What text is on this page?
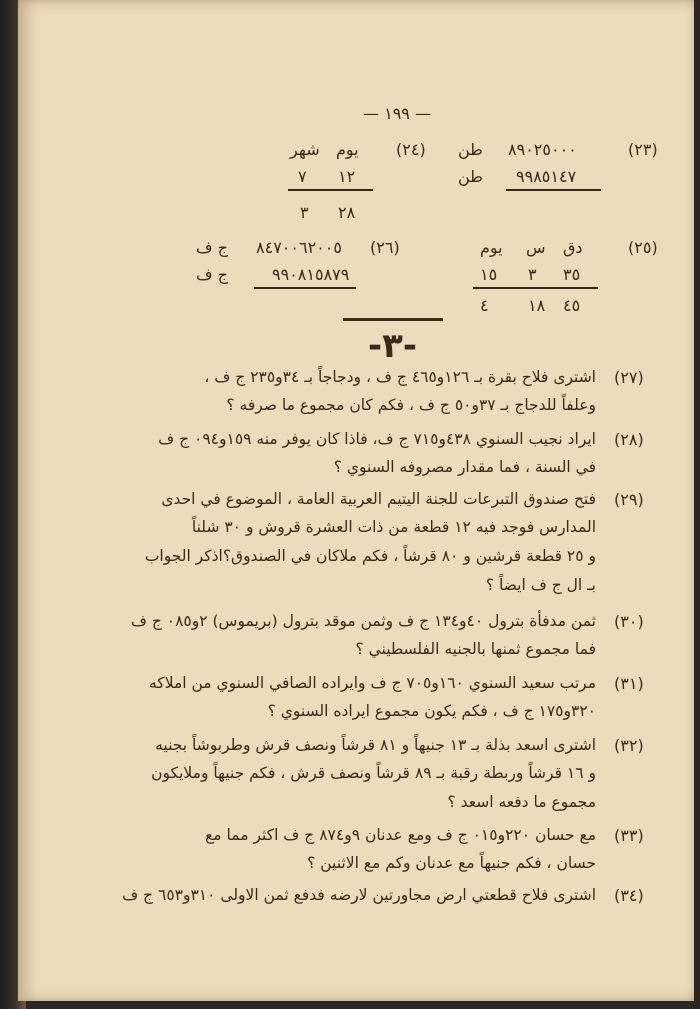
— ١٩٩ —
(٢٣)
٨٩٠٢٥٠٠٠
طن
٩٩٨٥١٤٧
طن
(٢٤)
يوم
شهر
١٢
٧
٢٨
٣
(٢٥)
دق
س
يوم
٣٥
٣
١٥
٤٥
١٨
٤
(٢٦)
٨٤٧٠٠٦٢٠٠٥
ج ف
٩٩٠٨١٥٨٧٩
ج ف
-٣-
(٢٧)
اشترى فلاح بقرة بـ ١٢٦و٤٦٥ ج ف ، ودجاجاً بـ ٣٤و٢٣٥ ج ف ،
وعلفاً للدجاج بـ ٣٧و٥٠ ج ف ، فكم كان مجموع ما صرفه ؟
(٢٨)
ايراد نجيب السنوي ٤٣٨و٧١٥ ج ف، فاذا كان يوفر منه ١٥٩و٠٩٤ ج ف
في السنة ، فما مقدار مصروفه السنوي ؟
(٢٩)
فتح صندوق التبرعات للجنة اليتيم العربية العامة ، الموضوع في احدى
المدارس فوجد فيه ١٢ قطعة من ذات العشرة قروش و ٣٠ شلناً
و ٢٥ قطعة قرشين و ٨٠ قرشاً ، فكم ملاكان في الصندوق؟اذكر الجواب
بـ ال ج ف ايضاً ؟
(٣٠)
ثمن مدفأة بترول ٤٠و١٣٤ ج ف وثمن موقد بترول (بريموس) ٢و٠٨٥ ج ف
فما مجموع ثمنها بالجنيه الفلسطيني ؟
(٣١)
مرتب سعيد السنوي ١٦٠و٧٠٥ ج ف وايراده الصافي السنوي من املاكه
٣٢٠و١٧٥ ج ف ، فكم يكون مجموع ايراده السنوي ؟
(٣٢)
اشترى اسعد بذلة بـ ١٣ جنيهاً و ٨١ قرشاً ونصف قرش وطربوشاً بجنيه
و ١٦ قرشاً وربطة رقبة بـ ٨٩ قرشاً ونصف قرش ، فكم جنيهاً وملايكون
مجموع ما دفعه اسعد ؟
(٣٣)
مع حسان ٢٢٠و٠١٥ ج ف ومع عدنان ٩و٨٧٤ ج ف اكثر مما مع
حسان ، فكم جنيهاً مع عدنان وكم مع الاثنين ؟
(٣٤)
اشترى فلاح قطعتي ارض مجاورتين لارضه فدفع ثمن الاولى ٣١٠و٦٥٣ ج ف
